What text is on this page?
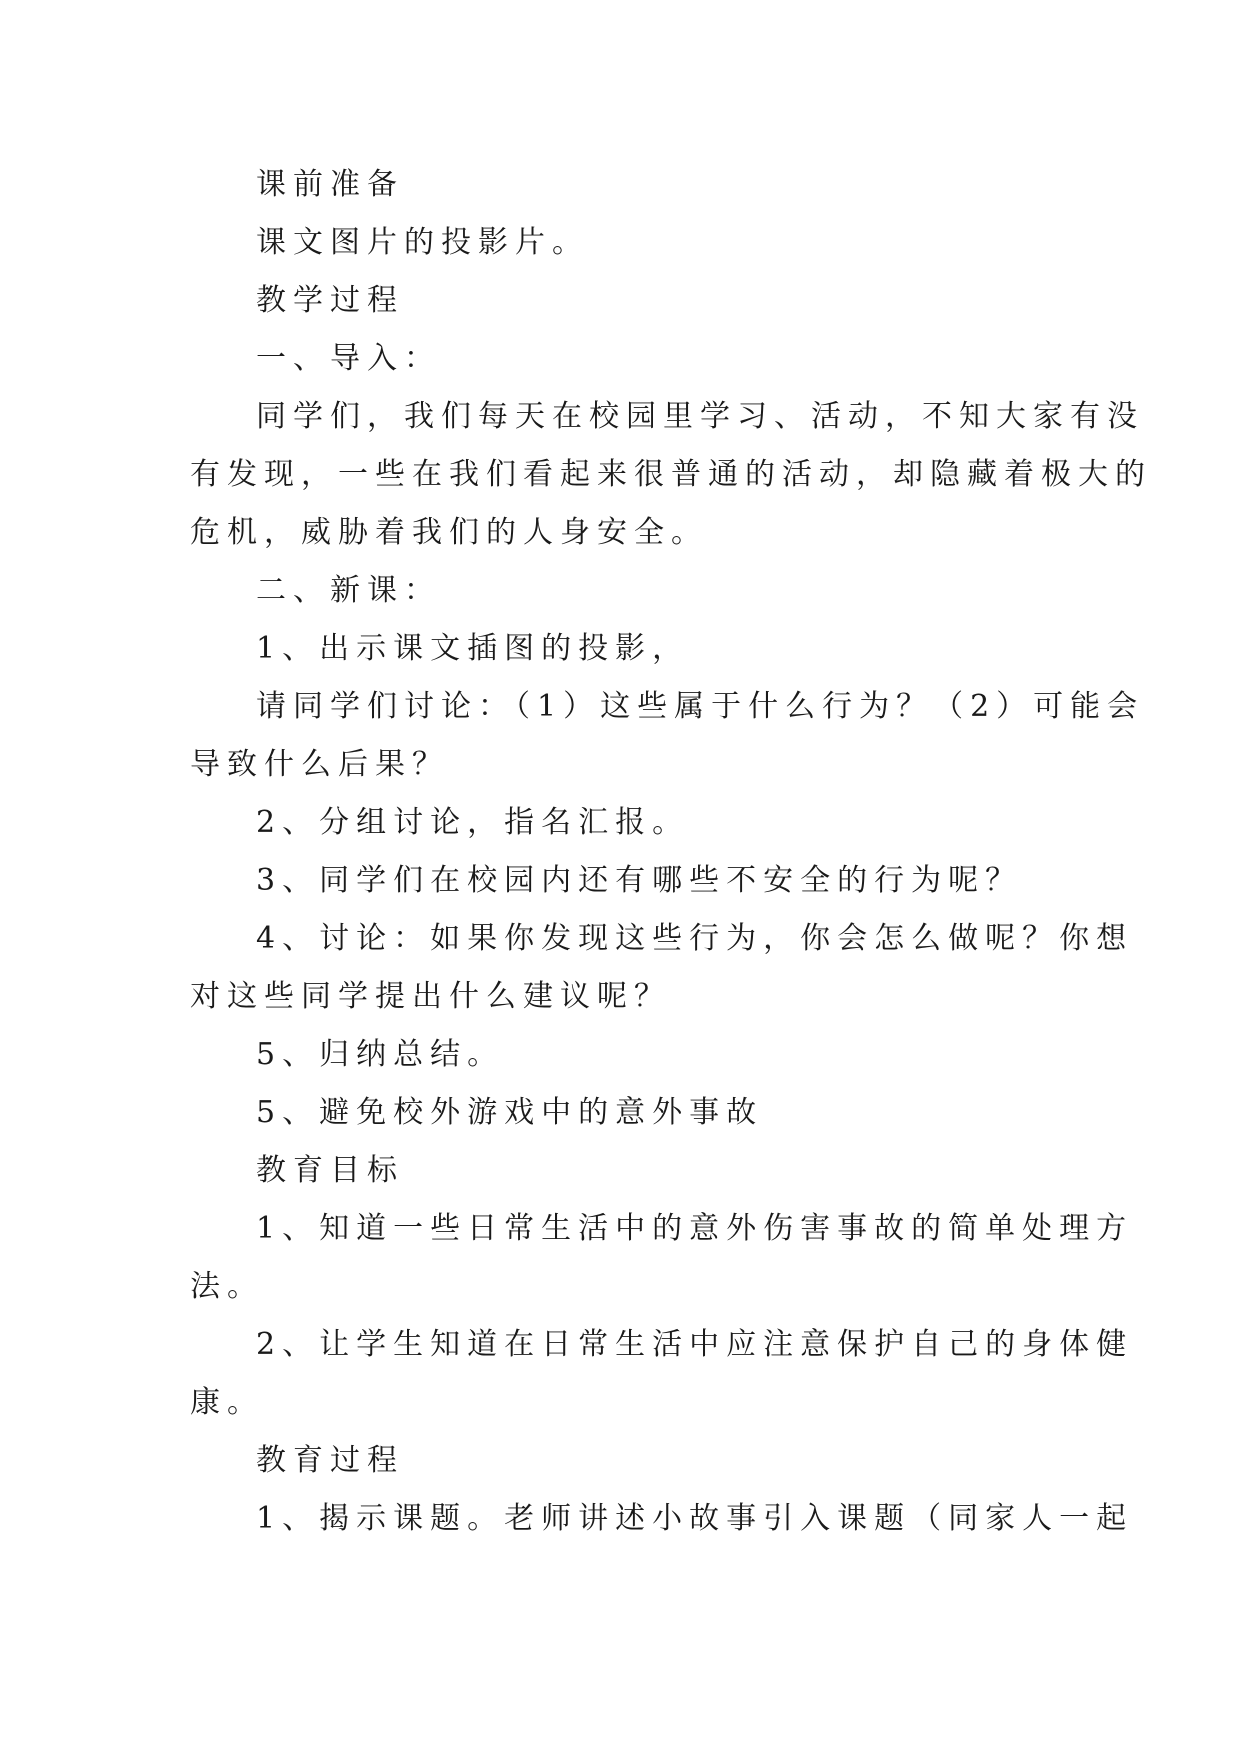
课前准备
课文图片的投影片。
教学过程
一、导入：
同学们，我们每天在校园里学习、活动，不知大家有没
有发现，一些在我们看起来很普通的活动，却隐藏着极大的
危机，威胁着我们的人身安全。
二、新课：
1、出示课文插图的投影，
请同学们讨论：（1）这些属于什么行为？（2）可能会
导致什么后果？
2、分组讨论，指名汇报。
3、同学们在校园内还有哪些不安全的行为呢？
4、讨论：如果你发现这些行为，你会怎么做呢？你想
对这些同学提出什么建议呢？
5、归纳总结。
5、避免校外游戏中的意外事故
教育目标
1、知道一些日常生活中的意外伤害事故的简单处理方
法。
2、让学生知道在日常生活中应注意保护自己的身体健
康。
教育过程
1、揭示课题。老师讲述小故事引入课题（同家人一起
